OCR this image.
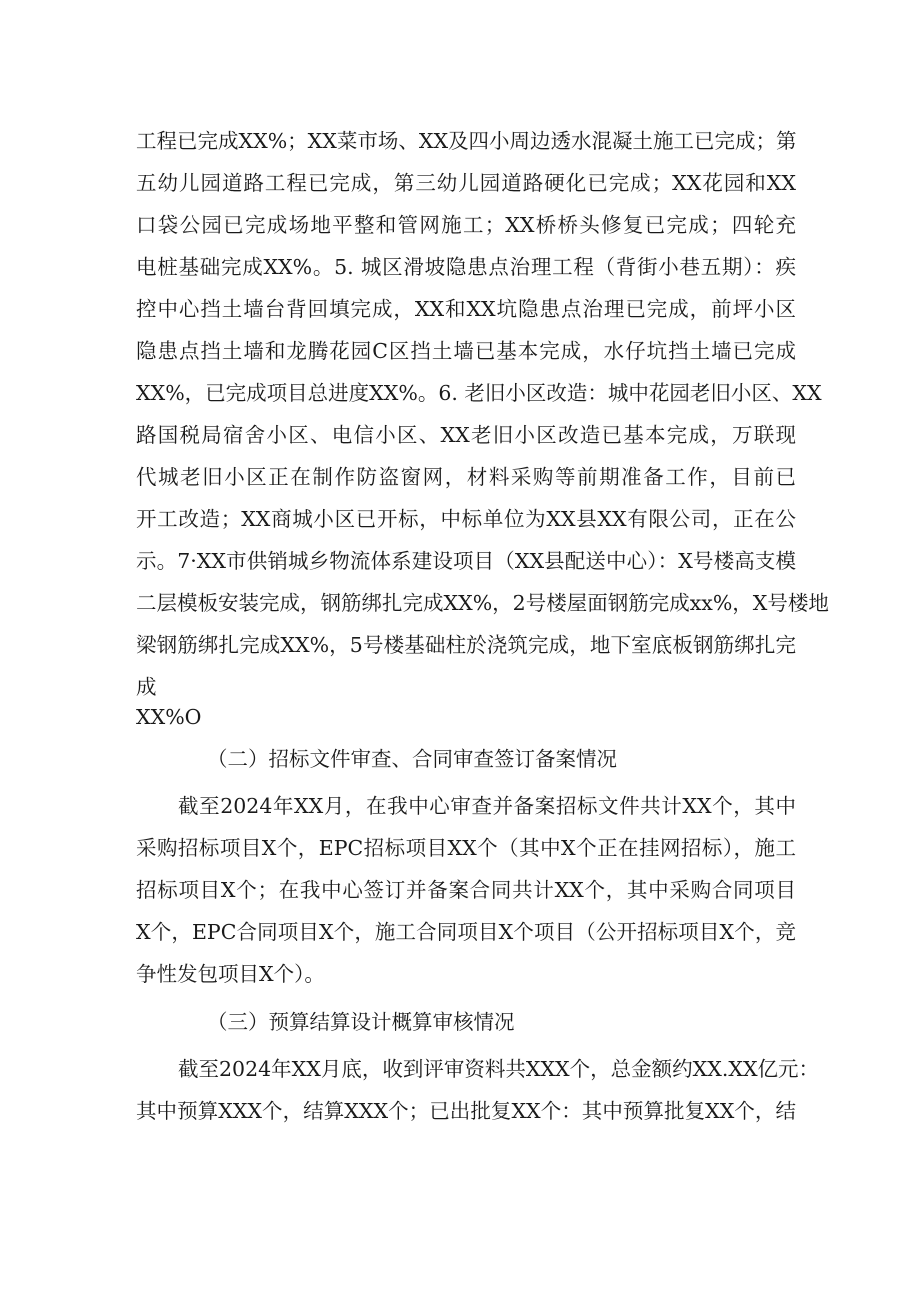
工程已完成XX%；XX菜市场、XX及四小周边透水混凝土施工已完成；第
五幼儿园道路工程已完成，第三幼儿园道路硬化已完成；XX花园和XX
口袋公园已完成场地平整和管网施工；XX桥桥头修复已完成；四轮充
电桩基础完成XX%。5. 城区滑坡隐患点治理工程（背街小巷五期）：疾
控中心挡土墙台背回填完成，XX和XX坑隐患点治理已完成，前坪小区
隐患点挡土墙和龙腾花园C区挡土墙已基本完成，水仔坑挡土墙已完成
XX%，已完成项目总进度XX%。6. 老旧小区改造：城中花园老旧小区、XX
路国税局宿舍小区、电信小区、XX老旧小区改造已基本完成，万联现
代城老旧小区正在制作防盗窗网，材料采购等前期准备工作，目前已
开工改造；XX商城小区已开标，中标单位为XX县XX有限公司，正在公
示。7·XX市供销城乡物流体系建设项目（XX县配送中心）：X号楼高支模
二层模板安装完成，钢筋绑扎完成XX%，2号楼屋面钢筋完成xx%，X号楼地
梁钢筋绑扎完成XX%，5号楼基础柱於浇筑完成，地下室底板钢筋绑扎完
成
XX%O
（二）招标文件审查、合同审查签订备案情况
截至2024年XX月，在我中心审查并备案招标文件共计XX个，其中
采购招标项目X个，EPC招标项目XX个（其中X个正在挂网招标），施工
招标项目X个；在我中心签订并备案合同共计XX个，其中采购合同项目
X个，EPC合同项目X个，施工合同项目X个项目（公开招标项目X个，竞
争性发包项目X个）。
（三）预算结算设计概算审核情况
截至2024年XX月底，收到评审资料共XXX个，总金额约XX.XX亿元：
其中预算XXX个，结算XXX个；已出批复XX个：其中预算批复XX个，结
